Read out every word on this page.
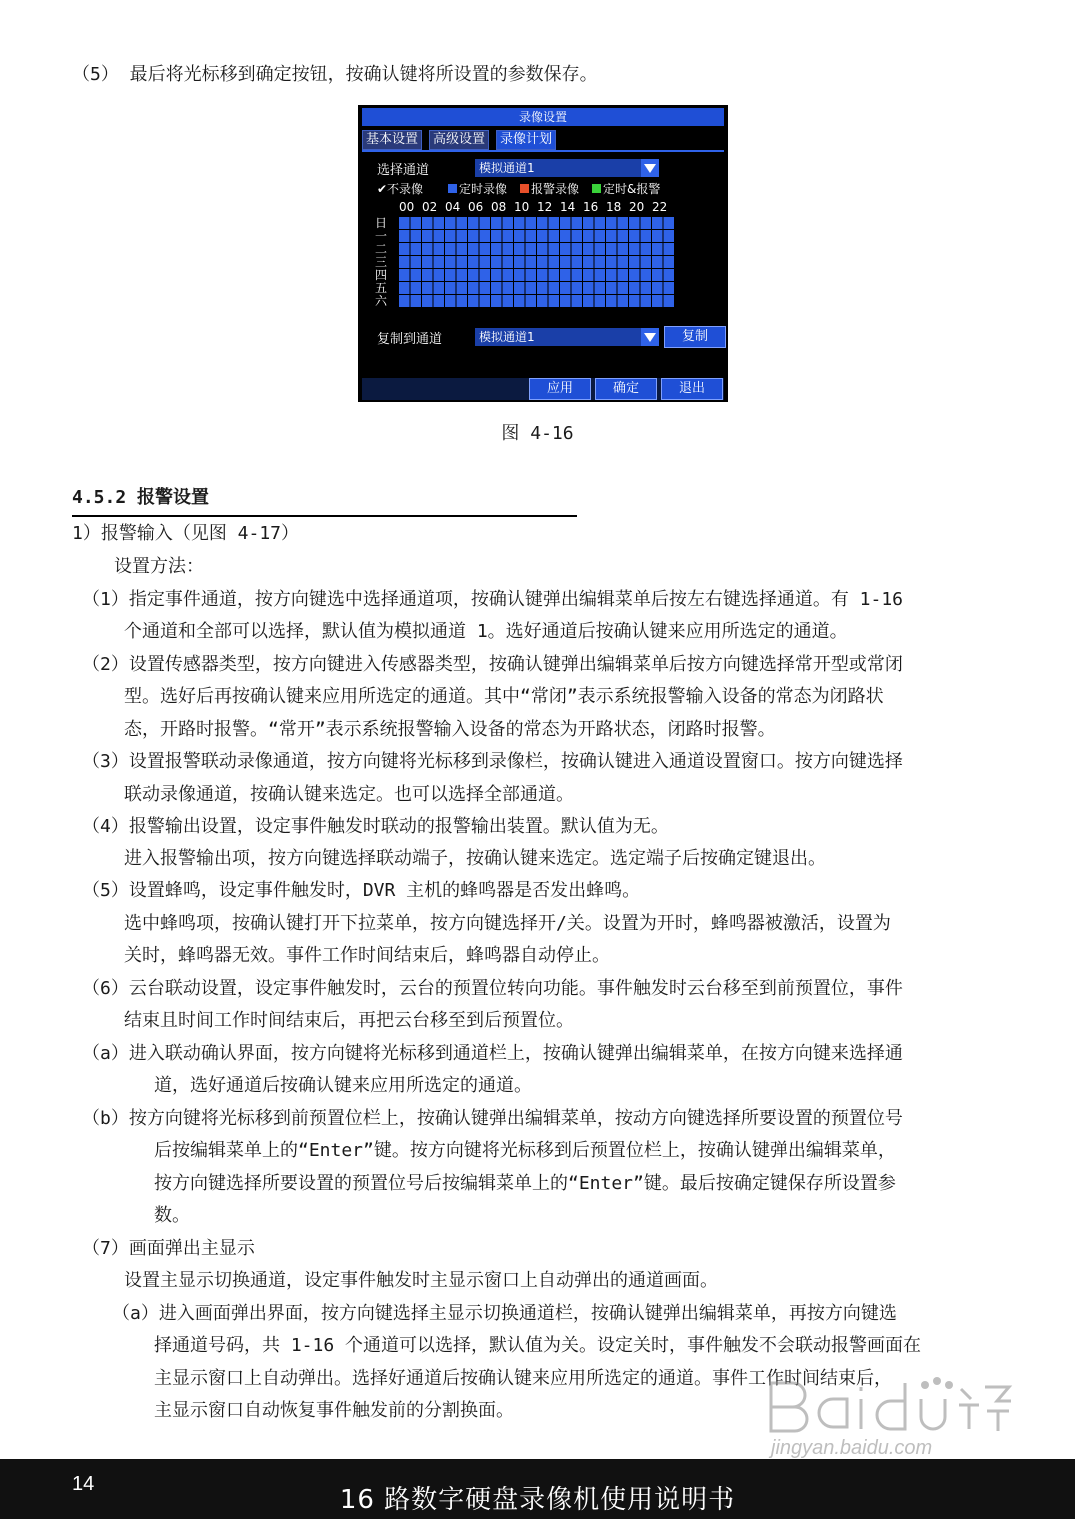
（5） 最后将光标移到确定按钮，按确认键将所设置的参数保存。
录像设置
基本设置	高级设置	录像计划
选择通道	模拟通道1
✔不录像	定时录像	报警录像	定时&报警
00 02 04 06 08 10 12 14 16 18 20 22
日
一
二
三
四
五
六
复制到通道	模拟通道1	复制
应用	确定	退出
图 4-16
4.5.2 报警设置
1）报警输入（见图 4-17）
设置方法：
（1）指定事件通道，按方向键选中选择通道项，按确认键弹出编辑菜单后按左右键选择通道。有 1-16
个通道和全部可以选择，默认值为模拟通道 1。选好通道后按确认键来应用所选定的通道。
（2）设置传感器类型，按方向键进入传感器类型，按确认键弹出编辑菜单后按方向键选择常开型或常闭
型。选好后再按确认键来应用所选定的通道。其中“常闭”表示系统报警输入设备的常态为闭路状
态，开路时报警。“常开”表示系统报警输入设备的常态为开路状态，闭路时报警。
（3）设置报警联动录像通道，按方向键将光标移到录像栏，按确认键进入通道设置窗口。按方向键选择
联动录像通道，按确认键来选定。也可以选择全部通道。
（4）报警输出设置，设定事件触发时联动的报警输出装置。默认值为无。
进入报警输出项，按方向键选择联动端子，按确认键来选定。选定端子后按确定键退出。
（5）设置蜂鸣，设定事件触发时，DVR 主机的蜂鸣器是否发出蜂鸣。
选中蜂鸣项，按确认键打开下拉菜单，按方向键选择开/关。设置为开时，蜂鸣器被激活，设置为
关时，蜂鸣器无效。事件工作时间结束后，蜂鸣器自动停止。
（6）云台联动设置，设定事件触发时，云台的预置位转向功能。事件触发时云台移至到前预置位，事件
结束且时间工作时间结束后，再把云台移至到后预置位。
（a）进入联动确认界面，按方向键将光标移到通道栏上，按确认键弹出编辑菜单，在按方向键来选择通
道，选好通道后按确认键来应用所选定的通道。
（b）按方向键将光标移到前预置位栏上，按确认键弹出编辑菜单，按动方向键选择所要设置的预置位号
后按编辑菜单上的“Enter”键。按方向键将光标移到后预置位栏上，按确认键弹出编辑菜单，
按方向键选择所要设置的预置位号后按编辑菜单上的“Enter”键。最后按确定键保存所设置参
数。
（7）画面弹出主显示
设置主显示切换通道，设定事件触发时主显示窗口上自动弹出的通道画面。
（a）进入画面弹出界面，按方向键选择主显示切换通道栏，按确认键弹出编辑菜单，再按方向键选
择通道号码，共 1-16 个通道可以选择，默认值为关。设定关时，事件触发不会联动报警画面在
主显示窗口上自动弹出。选择好通道后按确认键来应用所选定的通道。事件工作时间结束后，
主显示窗口自动恢复事件触发前的分割换面。
jingyan.baidu.com
14
16 路数字硬盘录像机使用说明书
